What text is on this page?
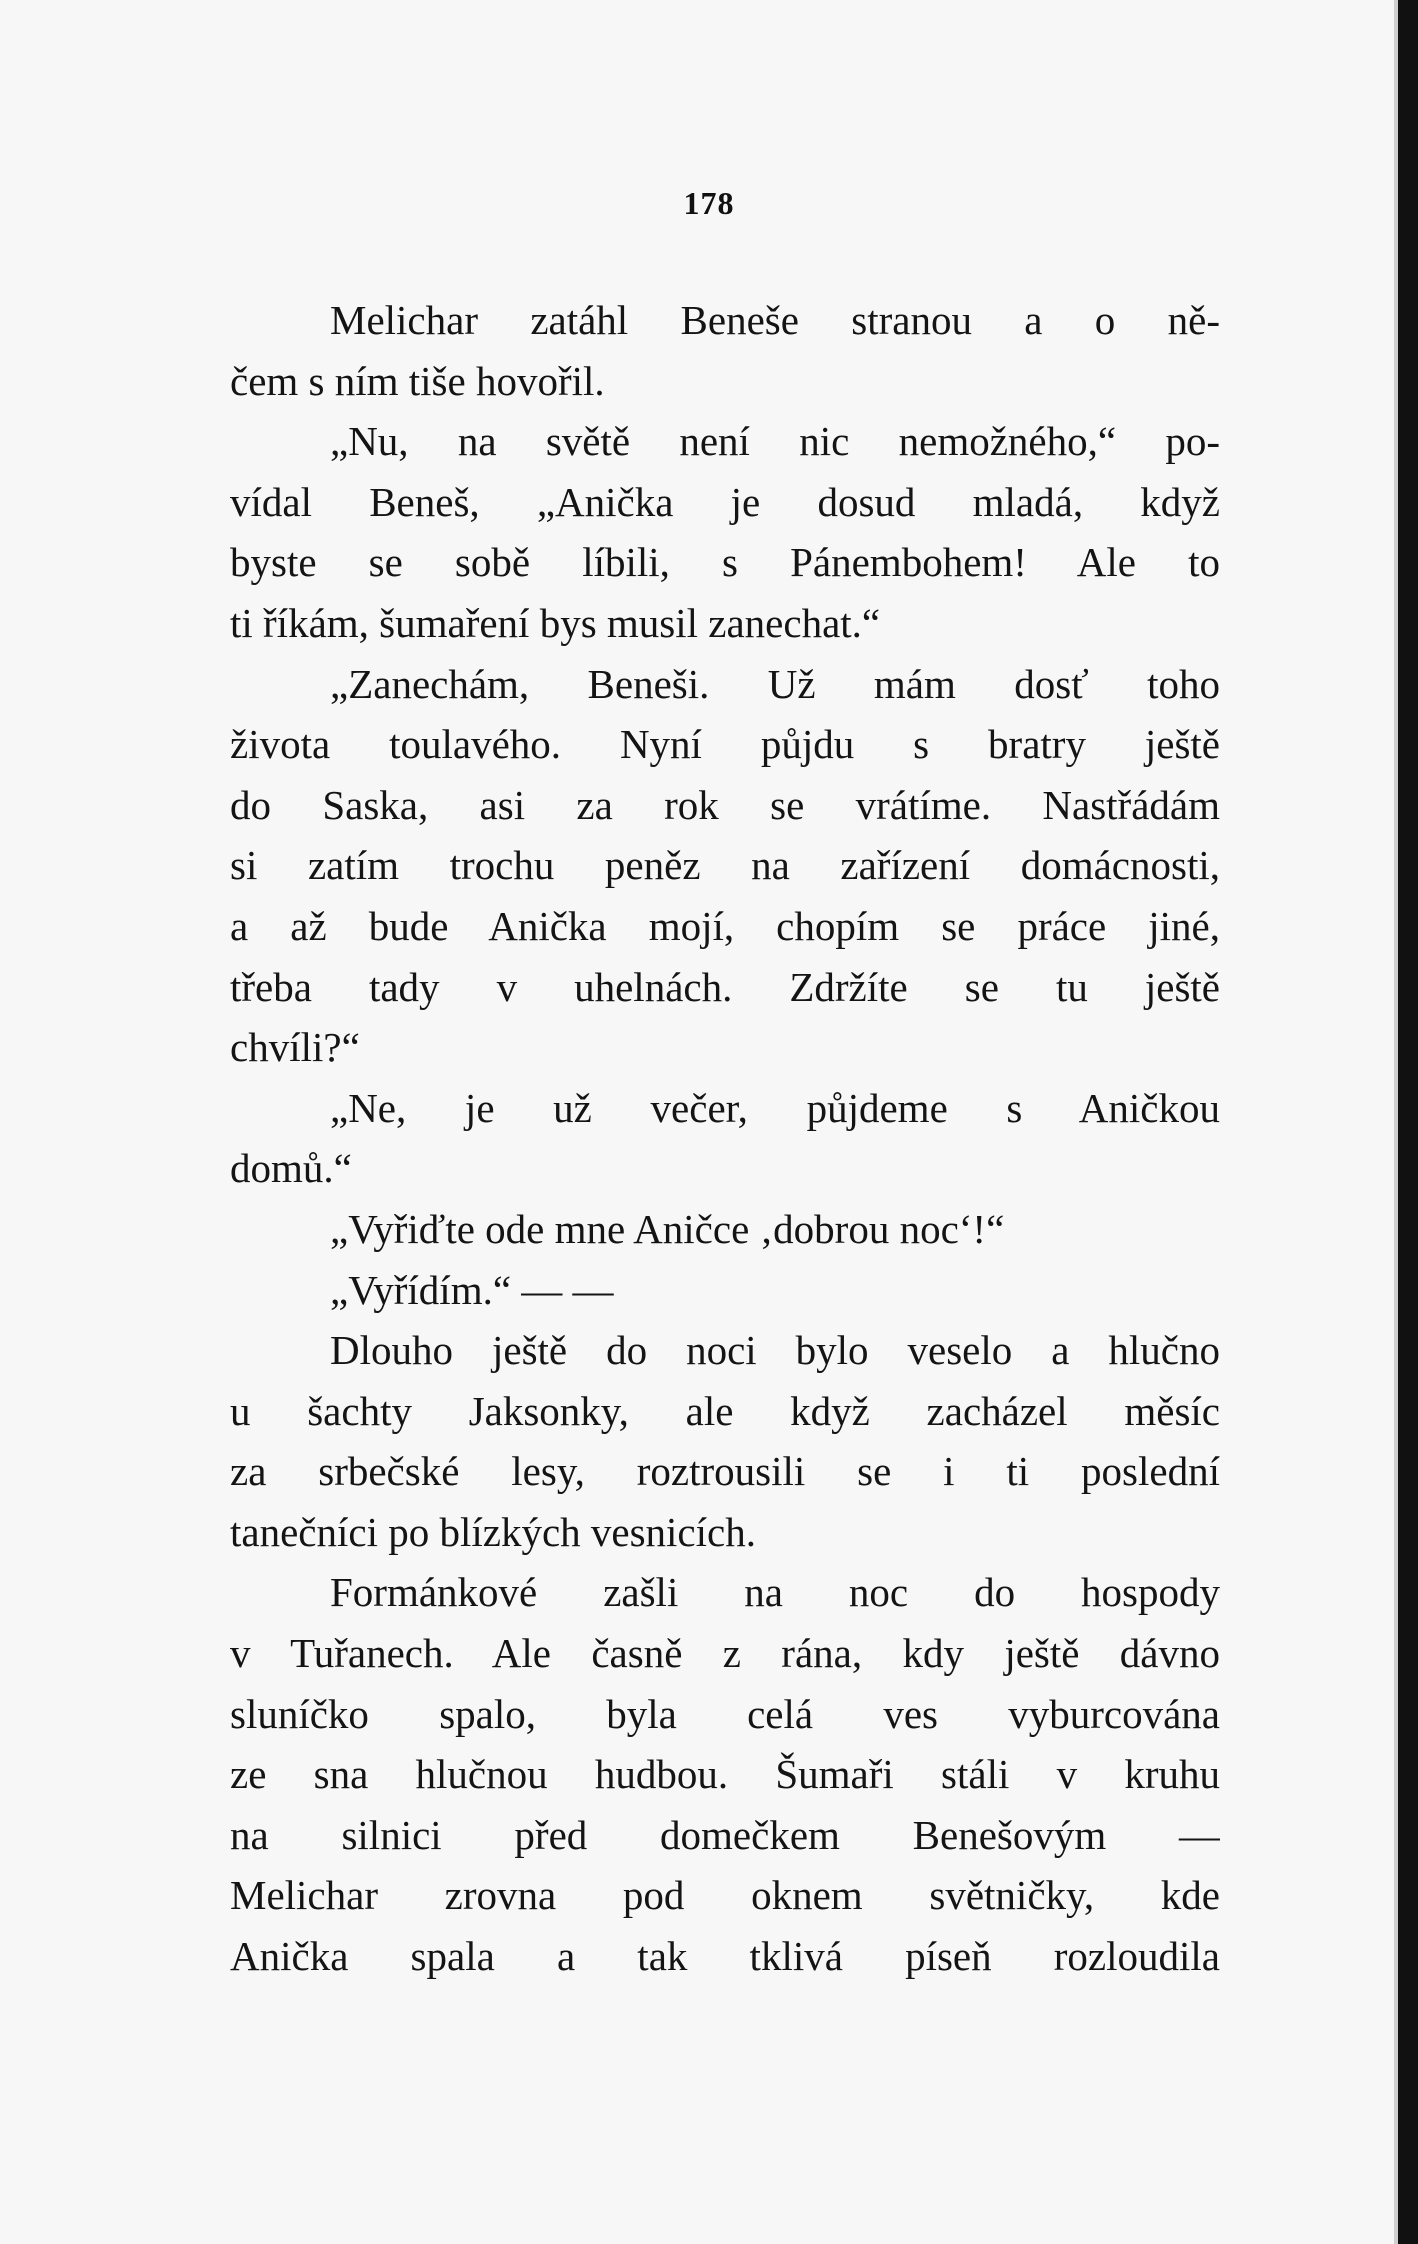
178
Melichar zatáhl Beneše stranou a o ně-
čem s ním tiše hovořil.
„Nu, na světě není nic nemožného,“ po-
vídal Beneš, „Anička je dosud mladá, když
byste se sobě líbili, s Pánembohem! Ale to
ti říkám, šumaření bys musil zanechat.“
„Zanechám, Beneši. Už mám dosť toho
života toulavého. Nyní půjdu s bratry ještě
do Saska, asi za rok se vrátíme. Nastřádám
si zatím trochu peněz na zařízení domácnosti,
a až bude Anička mojí, chopím se práce jiné,
třeba tady v uhelnách. Zdržíte se tu ještě
chvíli?“
„Ne, je už večer, půjdeme s Aničkou
domů.“
„Vyřiďte ode mne Aničce ‚dobrou noc‘!“
„Vyřídím.“ — —
Dlouho ještě do noci bylo veselo a hlučno
u šachty Jaksonky, ale když zacházel měsíc
za srbečské lesy, roztrousili se i ti poslední
tanečníci po blízkých vesnicích.
Formánkové zašli na noc do hospody
v Tuřanech. Ale časně z rána, kdy ještě dávno
sluníčko spalo, byla celá ves vyburcována
ze sna hlučnou hudbou. Šumaři stáli v kruhu
na silnici před domečkem Benešovým —
Melichar zrovna pod oknem světničky, kde
Anička spala a tak tklivá píseň rozloudila
